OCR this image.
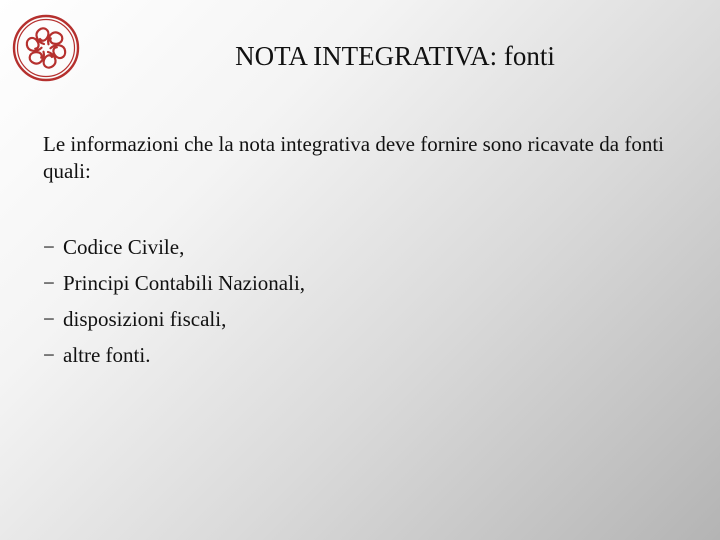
NOTA INTEGRATIVA: fonti
Le informazioni che la nota integrativa deve fornire sono ricavate da fonti quali:
− Codice Civile,
− Principi Contabili Nazionali,
− disposizioni fiscali,
− altre fonti.
